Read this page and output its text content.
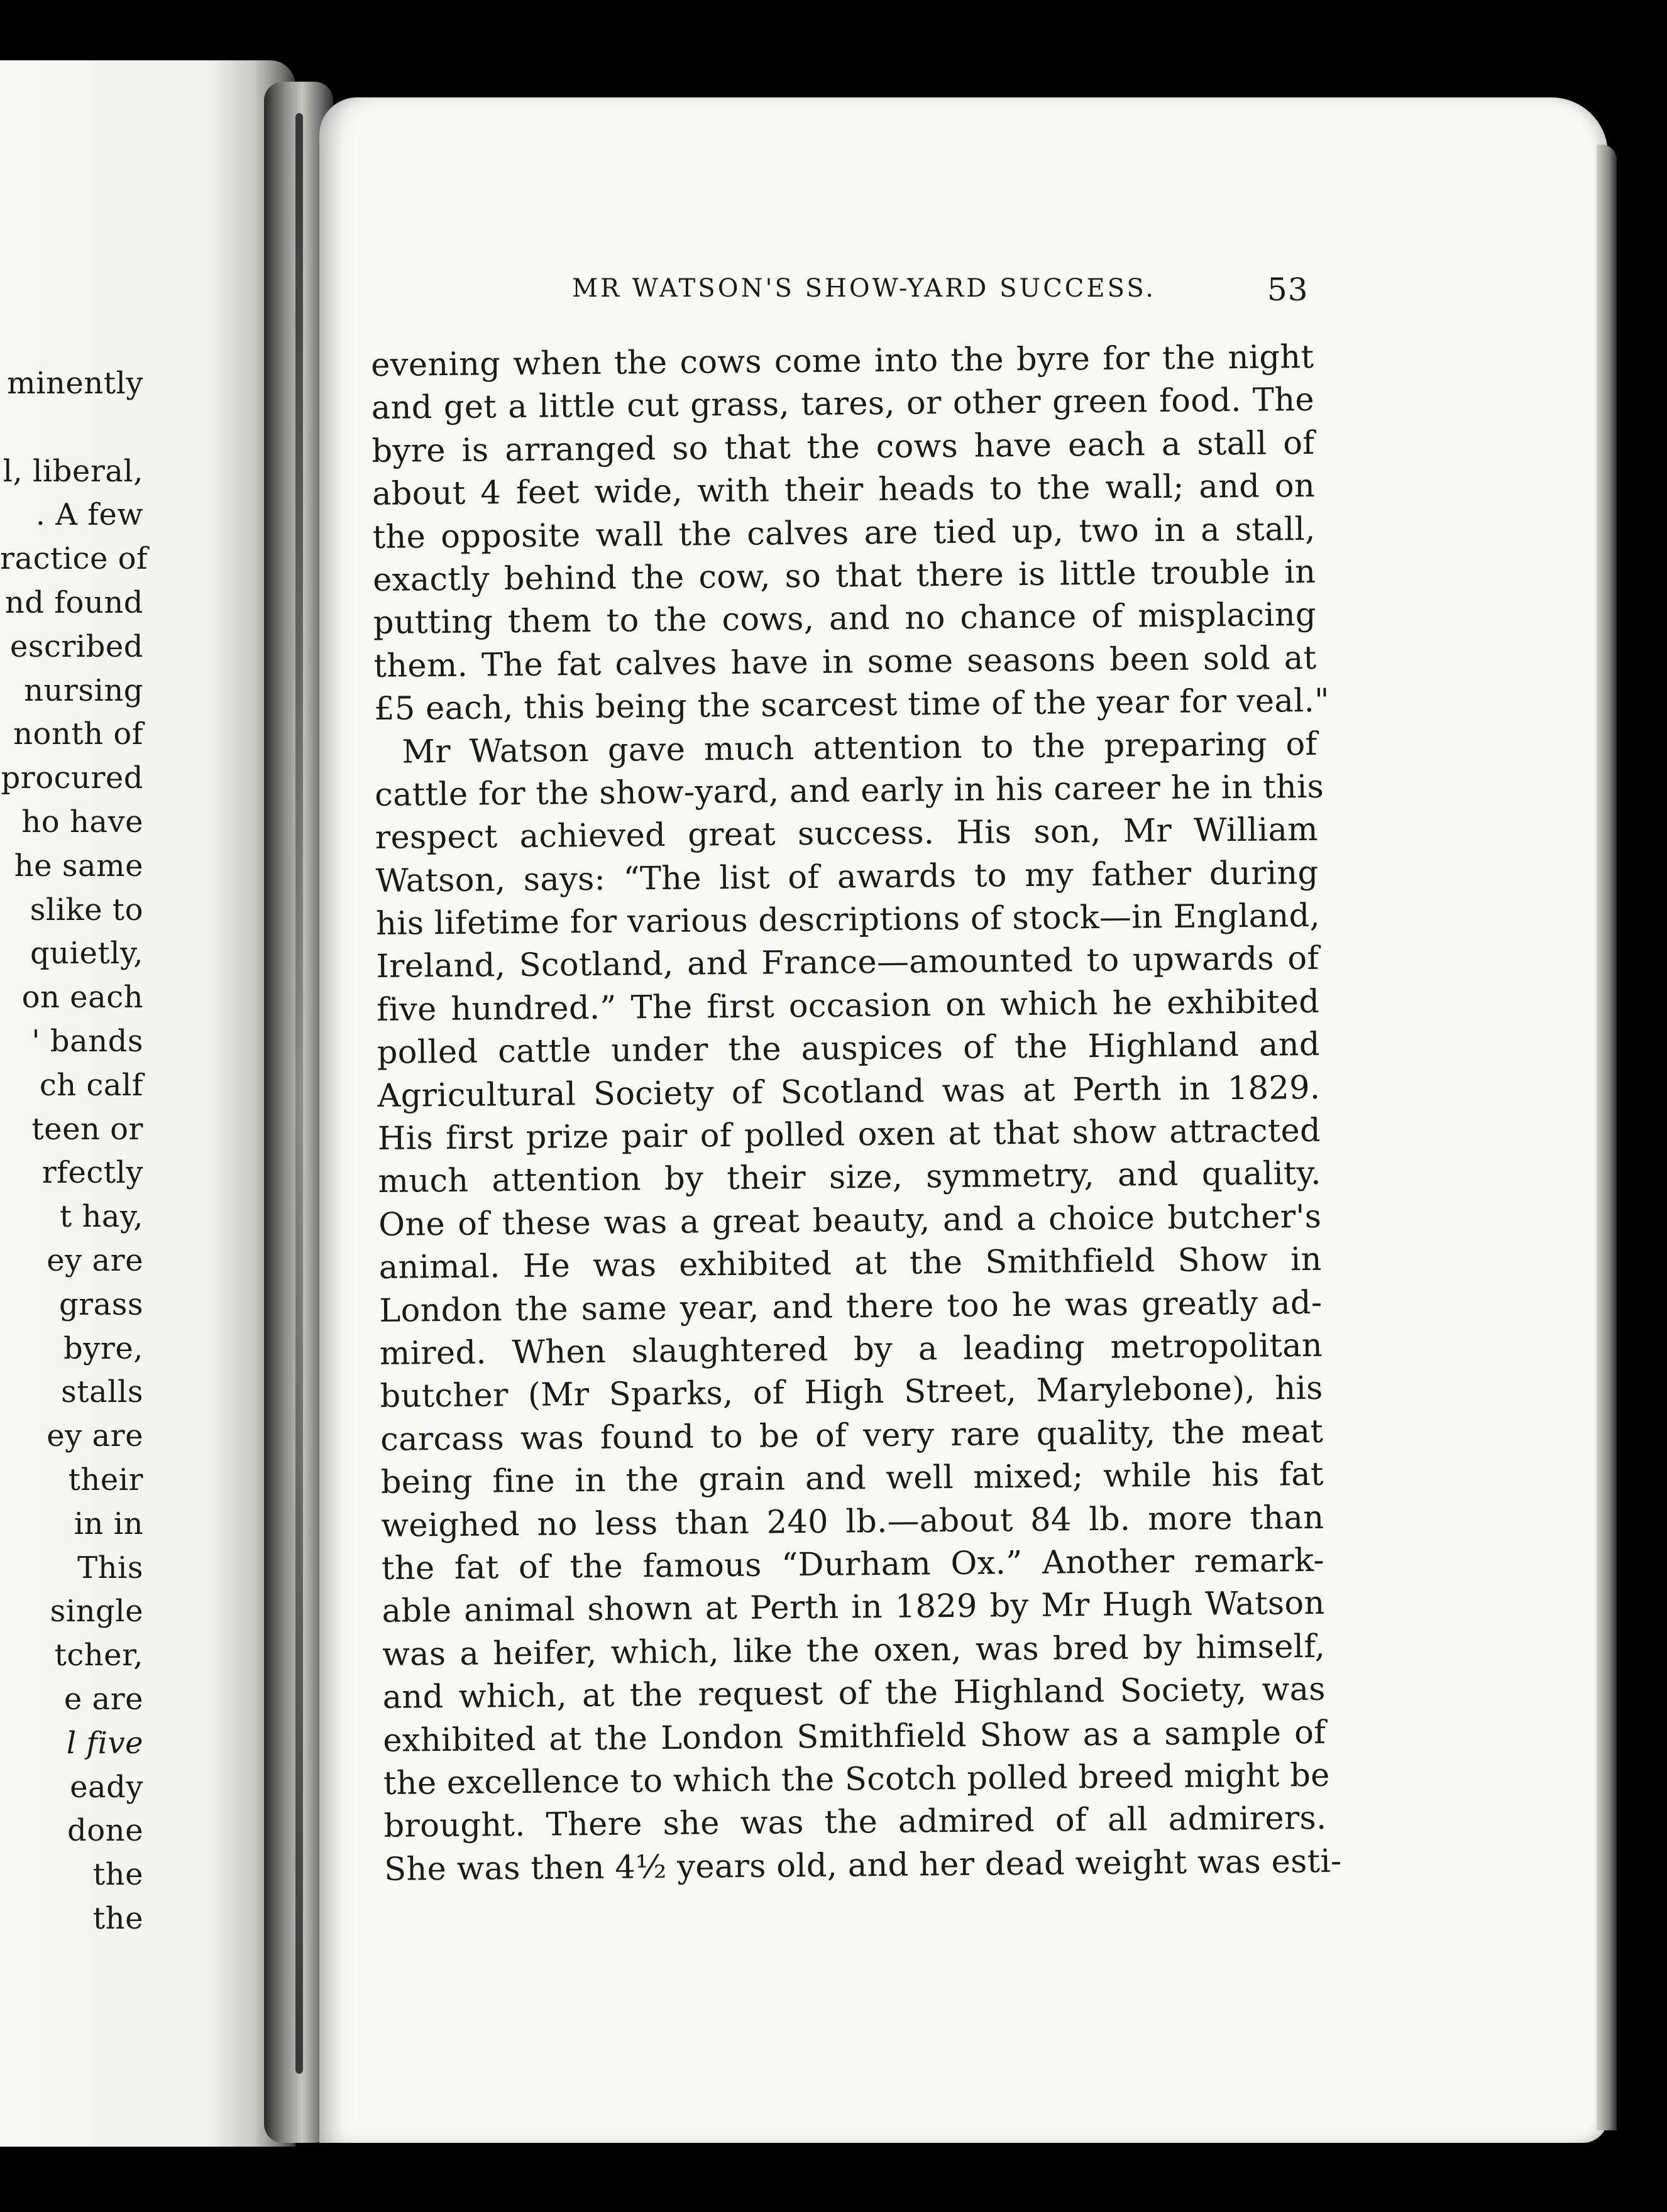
minently
l, liberal,
. A few
ractice of
nd found
escribed
nursing
nonth of
procured
ho have
he same
slike to
quietly,
on each
' bands
ch calf
teen or
rfectly
t hay,
ey are
grass
byre,
stalls
ey are
their
in in
This
single
tcher,
e are
l five
eady
done
the
the
MR WATSON'S SHOW-YARD SUCCESS.	53
evening when the cows come into the byre for the night
and get a little cut grass, tares, or other green food. The
byre is arranged so that the cows have each a stall of
about 4 feet wide, with their heads to the wall; and on
the opposite wall the calves are tied up, two in a stall,
exactly behind the cow, so that there is little trouble in
putting them to the cows, and no chance of misplacing
them. The fat calves have in some seasons been sold at
£5 each, this being the scarcest time of the year for veal."
Mr Watson gave much attention to the preparing of
cattle for the show-yard, and early in his career he in this
respect achieved great success. His son, Mr William
Watson, says: “The list of awards to my father during
his lifetime for various descriptions of stock—in England,
Ireland, Scotland, and France—amounted to upwards of
five hundred.” The first occasion on which he exhibited
polled cattle under the auspices of the Highland and
Agricultural Society of Scotland was at Perth in 1829.
His first prize pair of polled oxen at that show attracted
much attention by their size, symmetry, and quality.
One of these was a great beauty, and a choice butcher's
animal. He was exhibited at the Smithfield Show in
London the same year, and there too he was greatly ad-
mired. When slaughtered by a leading metropolitan
butcher (Mr Sparks, of High Street, Marylebone), his
carcass was found to be of very rare quality, the meat
being fine in the grain and well mixed; while his fat
weighed no less than 240 lb.—about 84 lb. more than
the fat of the famous “Durham Ox.” Another remark-
able animal shown at Perth in 1829 by Mr Hugh Watson
was a heifer, which, like the oxen, was bred by himself,
and which, at the request of the Highland Society, was
exhibited at the London Smithfield Show as a sample of
the excellence to which the Scotch polled breed might be
brought. There she was the admired of all admirers.
She was then 4½ years old, and her dead weight was esti-
